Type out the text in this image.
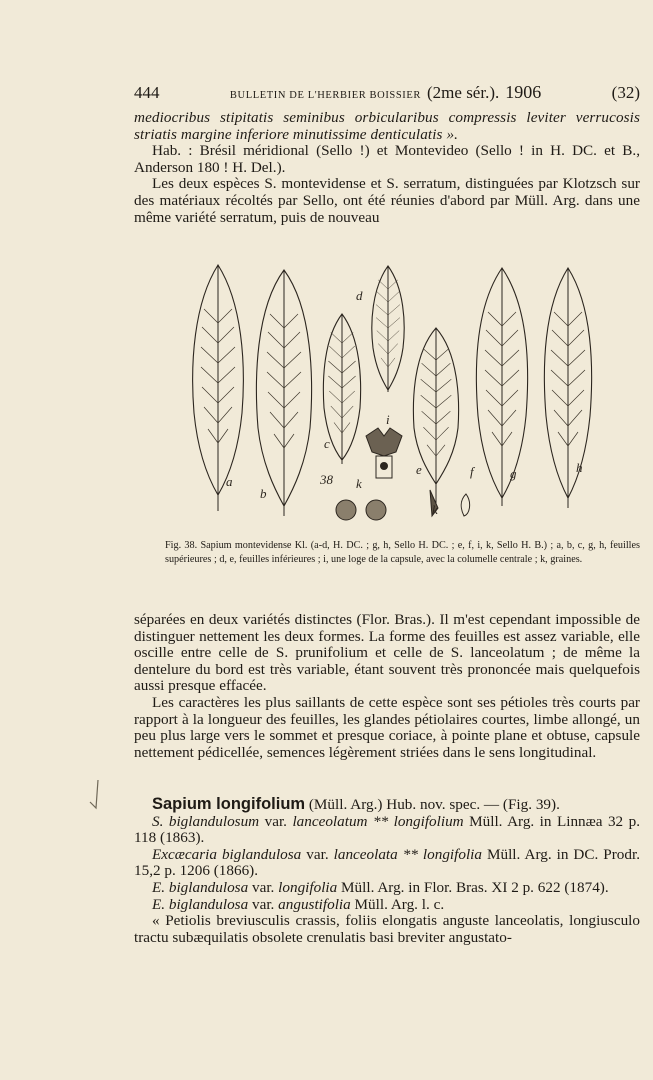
444	BULLETIN DE L'HERBIER BOISSIER (2me sér.). 1906	(32)

mediocribus stipitatis seminibus orbicularibus compressis leviter verrucosis striatis margine inferiore minutissime denticulatis ».

Hab. : Brésil méridional (Sello !) et Montevideo (Sello ! in H. DC. et B., Anderson 180 ! H. Del.).

Les deux espèces S. montevidense et S. serratum, distinguées par Klotzsch sur des matériaux récoltés par Sello, ont été réunies d'abord par Müll. Arg. dans une même variété serratum, puis de nouveau

a
b
c
d
e	f	g	h
i
k
k
38

Fig. 38. Sapium montevidense Kl. (a-d, H. DC. ; g, h, Sello H. DC. ; e, f, i, k, Sello H. B.) ; a, b, c, g, h, feuilles supérieures ; d, e, feuilles inférieures ; i, une loge de la capsule, avec la columelle centrale ; k, graines.

séparées en deux variétés distinctes (Flor. Bras.). Il m'est cependant impossible de distinguer nettement les deux formes. La forme des feuilles est assez variable, elle oscille entre celle de S. prunifolium et celle de S. lanceolatum ; de même la dentelure du bord est très variable, étant souvent très prononcée mais quelquefois aussi presque effacée.

Les caractères les plus saillants de cette espèce sont ses pétioles très courts par rapport à la longueur des feuilles, les glandes pétiolaires courtes, limbe allongé, un peu plus large vers le sommet et presque coriace, à pointe plane et obtuse, capsule nettement pédicellée, semences légèrement striées dans le sens longitudinal.

Sapium longifolium (Müll. Arg.) Hub. nov. spec. — (Fig. 39).

S. biglandulosum var. lanceolatum ** longifolium Müll. Arg. in Linnæa 32 p. 118 (1863).

Excæcaria biglandulosa var. lanceolata ** longifolia Müll. Arg. in DC. Prodr. 15,2 p. 1206 (1866).

E. biglandulosa var. longifolia Müll. Arg. in Flor. Bras. XI 2 p. 622 (1874).

E. biglandulosa var. angustifolia Müll. Arg. l. c.

« Petiolis breviusculis crassis, foliis elongatis anguste lanceolatis, longiusculo tractu subæquilatis obsolete crenulatis basi breviter angustato-
